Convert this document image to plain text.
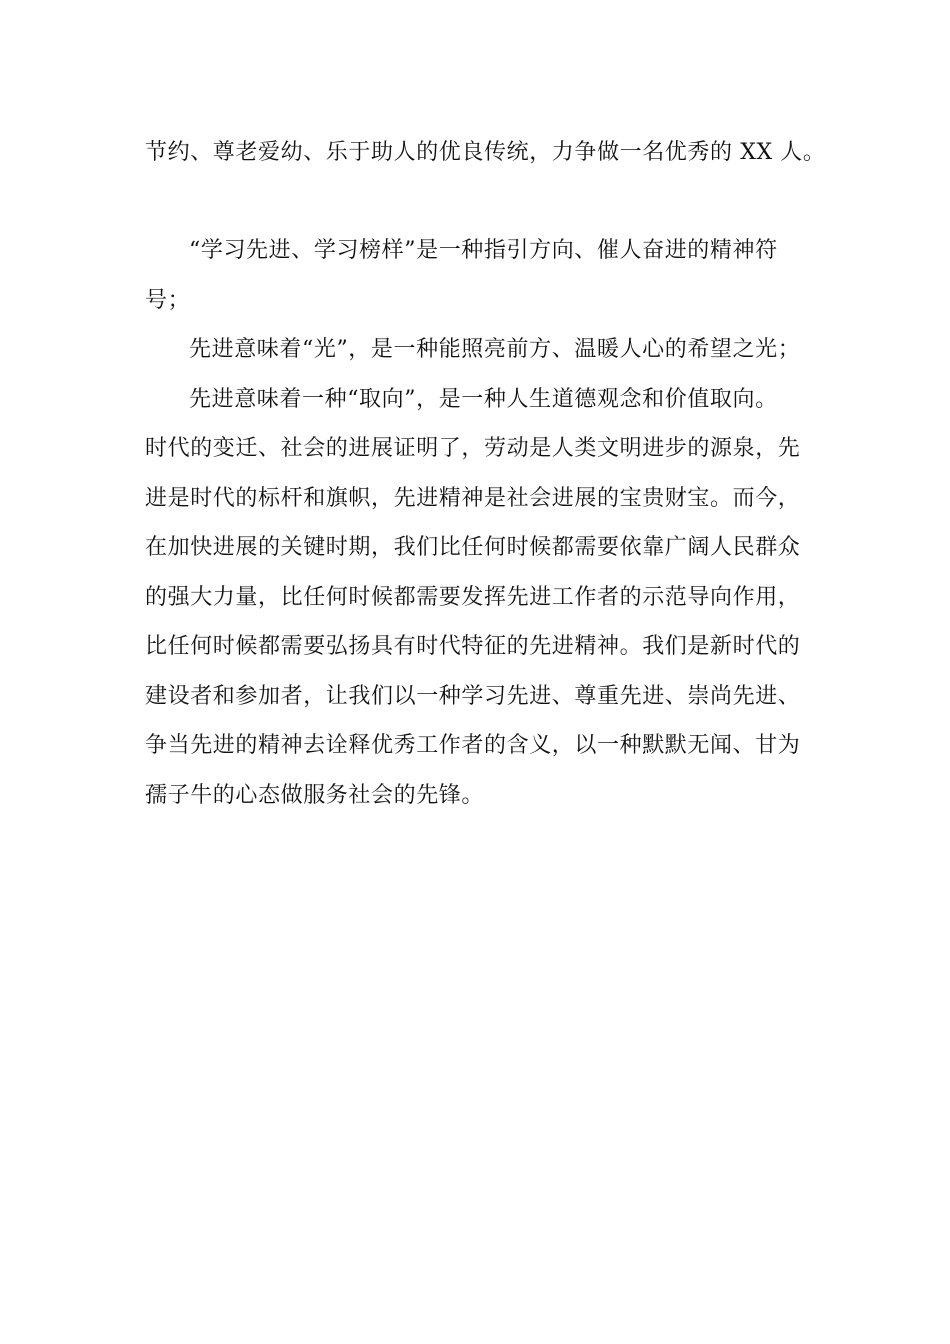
节约、尊老爱幼、乐于助人的优良传统，力争做一名优秀的 XX 人。
“学习先进、学习榜样”是一种指引方向、催人奋进的精神符
号；
先进意味着“光”，是一种能照亮前方、温暖人心的希望之光；
先进意味着一种“取向”，是一种人生道德观念和价值取向。
时代的变迁、社会的进展证明了，劳动是人类文明进步的源泉，先
进是时代的标杆和旗帜，先进精神是社会进展的宝贵财宝。而今，
在加快进展的关键时期，我们比任何时候都需要依靠广阔人民群众
的强大力量，比任何时候都需要发挥先进工作者的示范导向作用，
比任何时候都需要弘扬具有时代特征的先进精神。我们是新时代的
建设者和参加者，让我们以一种学习先进、尊重先进、崇尚先进、
争当先进的精神去诠释优秀工作者的含义，以一种默默无闻、甘为
孺子牛的心态做服务社会的先锋。
